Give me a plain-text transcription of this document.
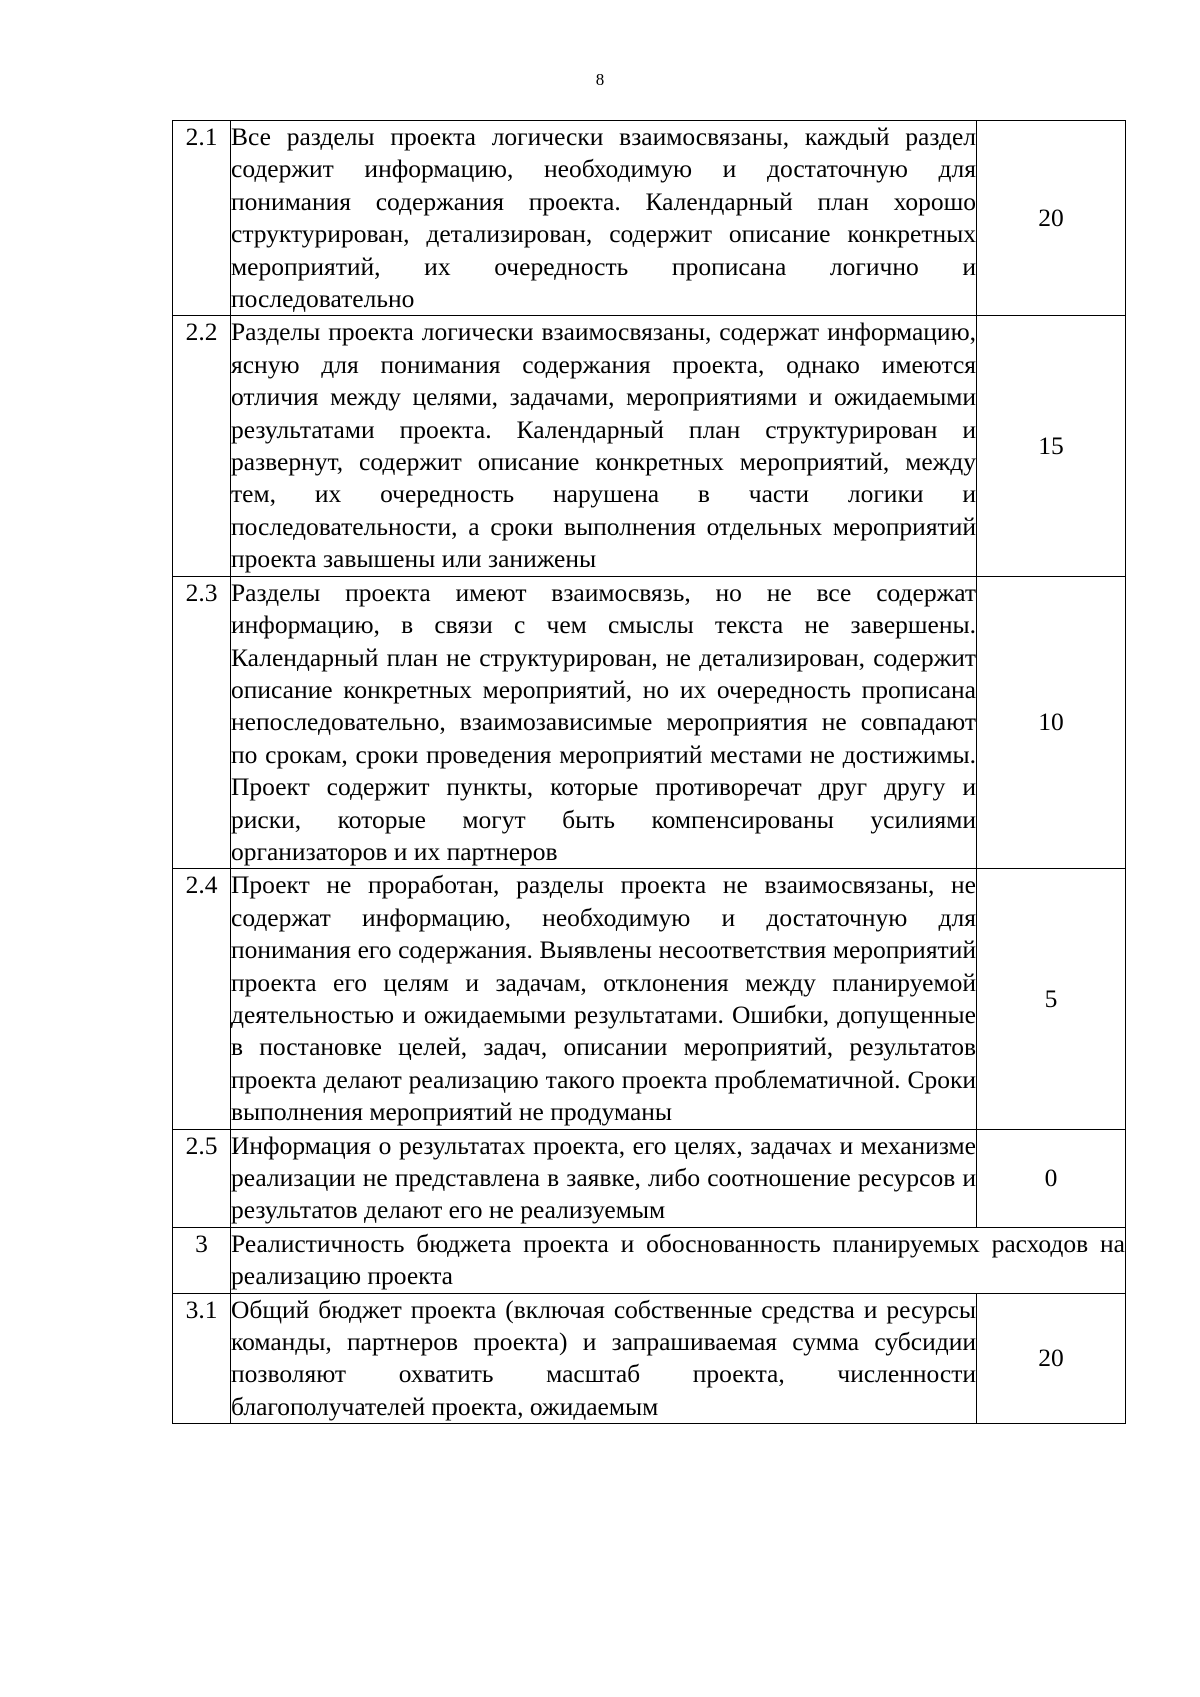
8
2.1	Все разделы проекта логически взаимосвязаны, каждый раздел содержит информацию, необходимую и достаточную для понимания содержания проекта. Календарный план хорошо структурирован, детализирован, содержит описание конкретных мероприятий, их очередность прописана логично и последовательно	20
2.2	Разделы проекта логически взаимосвязаны, содержат информацию, ясную для понимания содержания проекта, однако имеются отличия между целями, задачами, мероприятиями и ожидаемыми результатами проекта. Календарный план структурирован и развернут, содержит описание конкретных мероприятий, между тем, их очередность нарушена в части логики и последовательности, а сроки выполнения отдельных мероприятий проекта завышены или занижены	15
2.3	Разделы проекта имеют взаимосвязь, но не все содержат информацию, в связи с чем смыслы текста не завершены. Календарный план не структурирован, не детализирован, содержит описание конкретных мероприятий, но их очередность прописана непоследовательно, взаимозависимые мероприятия не совпадают по срокам, сроки проведения мероприятий местами не достижимы. Проект содержит пункты, которые противоречат друг другу и риски, которые могут быть компенсированы усилиями организаторов и их партнеров	10
2.4	Проект не проработан, разделы проекта не взаимосвязаны, не содержат информацию, необходимую и достаточную для понимания его содержания. Выявлены несоответствия мероприятий проекта его целям и задачам, отклонения между планируемой деятельностью и ожидаемыми результатами. Ошибки, допущенные в постановке целей, задач, описании мероприятий, результатов проекта делают реализацию такого проекта проблематичной. Сроки выполнения мероприятий не продуманы	5
2.5	Информация о результатах проекта, его целях, задачах и механизме реализации не представлена в заявке, либо соотношение ресурсов и результатов делают его не реализуемым	0
3	Реалистичность бюджета проекта и обоснованность планируемых расходов на реализацию проекта	
3.1	Общий бюджет проекта (включая собственные средства и ресурсы команды, партнеров проекта) и запрашиваемая сумма субсидии позволяют охватить масштаб проекта, численности благополучателей проекта, ожидаемым	20
